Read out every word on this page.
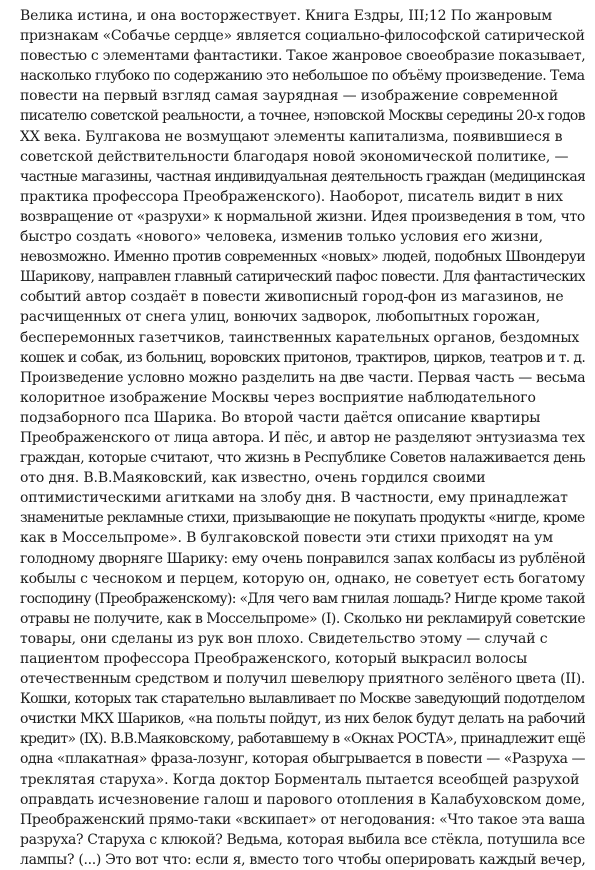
Велика истина, и она восторжествует. Книга Ездры, III;12 По жанровым
признакам «Собачье сердце» является социально-философской сатирической
повестью с элементами фантастики. Такое жанровое своеобразие показывает,
насколько глубоко по содержанию это небольшое по объёму произведение. Тема
повести на первый взгляд самая заурядная — изображение современной
писателю советской реальности, а точнее, нэповской Москвы середины 20-х годов
XX века. Булгакова не возмущают элементы капитализма, появившиеся в
советской действительности благодаря новой экономической политике, —
частные магазины, частная индивидуальная деятельность граждан (медицинская
практика профессора Преображенского). Наоборот, писатель видит в них
возвращение от «разрухи» к нормальной жизни. Идея произведения в том, что
быстро создать «нового» человека, изменив только условия его жизни,
невозможно. Именно против современных «новых» людей, подобных Швондеруи
Шарикову, направлен главный сатирический пафос повести. Для фантастических
событий автор создаёт в повести живописный город-фон из магазинов, не
расчищенных от снега улиц, вонючих задворок, любопытных горожан,
бесперемонных газетчиков, таинственных карательных органов, бездомных
кошек и собак, из больниц, воровских притонов, трактиров, цирков, театров и т. д.
Произведение условно можно разделить на две части. Первая часть — весьма
колоритное изображение Москвы через восприятие наблюдательного
подзаборного пса Шарика. Во второй части даётся описание квартиры
Преображенского от лица автора. И пёс, и автор не разделяют энтузиазма тех
граждан, которые считают, что жизнь в Республике Советов налаживается день
ото дня. В.В.Маяковский, как известно, очень гордился своими
оптимистическими агитками на злобу дня. В частности, ему принадлежат
знаменитые рекламные стихи, призывающие не покупать продукты «нигде, кроме
как в Моссельпроме». В булгаковской повести эти стихи приходят на ум
голодному дворняге Шарику: ему очень понравился запах колбасы из рублёной
кобылы с чесноком и перцем, которую он, однако, не советует есть богатому
господину (Преображенскому): «Для чего вам гнилая лошадь? Нигде кроме такой
отравы не получите, как в Моссельпроме» (I). Сколько ни рекламируй советские
товары, они сделаны из рук вон плохо. Свидетельство этому — случай с
пациентом профессора Преображенского, который выкрасил волосы
отечественным средством и получил шевелюру приятного зелёного цвета (II).
Кошки, которых так старательно вылавливает по Москве заведующий подотделом
очистки МКХ Шариков, «на польты пойдут, из них белок будут делать на рабочий
кредит» (IX). В.В.Маяковскому, работавшему в «Окнах РОСТА», принадлежит ещё
одна «плакатная» фраза-лозунг, которая обыгрывается в повести — «Разруха —
треклятая старуха». Когда доктор Борменталь пытается всеобщей разрухой
оправдать исчезновение галош и парового отопления в Калабуховском доме,
Преображенский прямо-таки «вскипает» от негодования: «Что такое эта ваша
разруха? Старуха с клюкой? Ведьма, которая выбила все стёкла, потушила все
лампы? (...) Это вот что: если я, вместо того чтобы оперировать каждый вечер,
